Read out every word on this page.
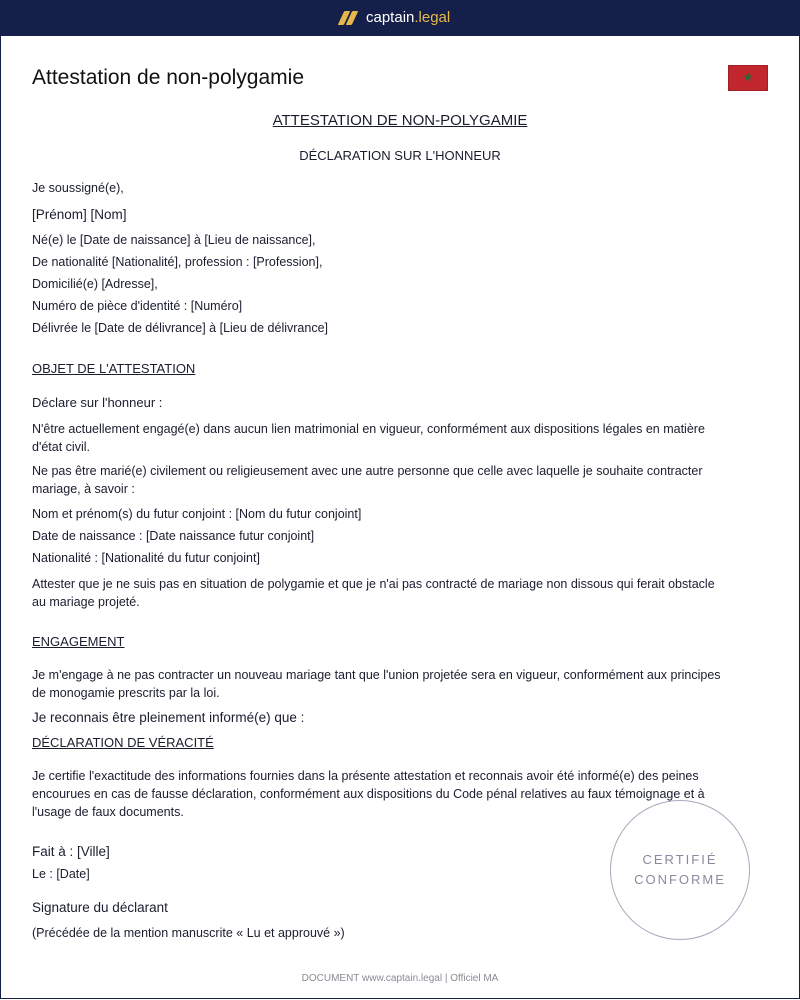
captain .legal
Attestation de non-polygamie	★
ATTESTATION DE NON-POLYGAMIE
DÉCLARATION SUR L'HONNEUR
Je soussigné(e),
[Prénom] [Nom]
Né(e) le [Date de naissance] à [Lieu de naissance],
De nationalité [Nationalité], profession : [Profession],
Domicilié(e) [Adresse],
Numéro de pièce d'identité : [Numéro]
Délivrée le [Date de délivrance] à [Lieu de délivrance]
OBJET DE L'ATTESTATION
Déclare sur l'honneur :
N'être actuellement engagé(e) dans aucun lien matrimonial en vigueur, conformément aux dispositions légales en matière d'état civil.
Ne pas être marié(e) civilement ou religieusement avec une autre personne que celle avec laquelle je souhaite contracter mariage, à savoir :
Nom et prénom(s) du futur conjoint : [Nom du futur conjoint]
Date de naissance : [Date naissance futur conjoint]
Nationalité : [Nationalité du futur conjoint]
Attester que je ne suis pas en situation de polygamie et que je n'ai pas contracté de mariage non dissous qui ferait obstacle au mariage projeté.
ENGAGEMENT
Je m'engage à ne pas contracter un nouveau mariage tant que l'union projetée sera en vigueur, conformément aux principes de monogamie prescrits par la loi.
Je reconnais être pleinement informé(e) que :
DÉCLARATION DE VÉRACITÉ
Je certifie l'exactitude des informations fournies dans la présente attestation et reconnais avoir été informé(e) des peines encourues en cas de fausse déclaration, conformément aux dispositions du Code pénal relatives au faux témoignage et à l'usage de faux documents.
Fait à : [Ville]
Le : [Date]
Signature du déclarant
(Précédée de la mention manuscrite « Lu et approuvé »)
CERTIFIÉ
CONFORME
DOCUMENT www.captain.legal | Officiel MA
